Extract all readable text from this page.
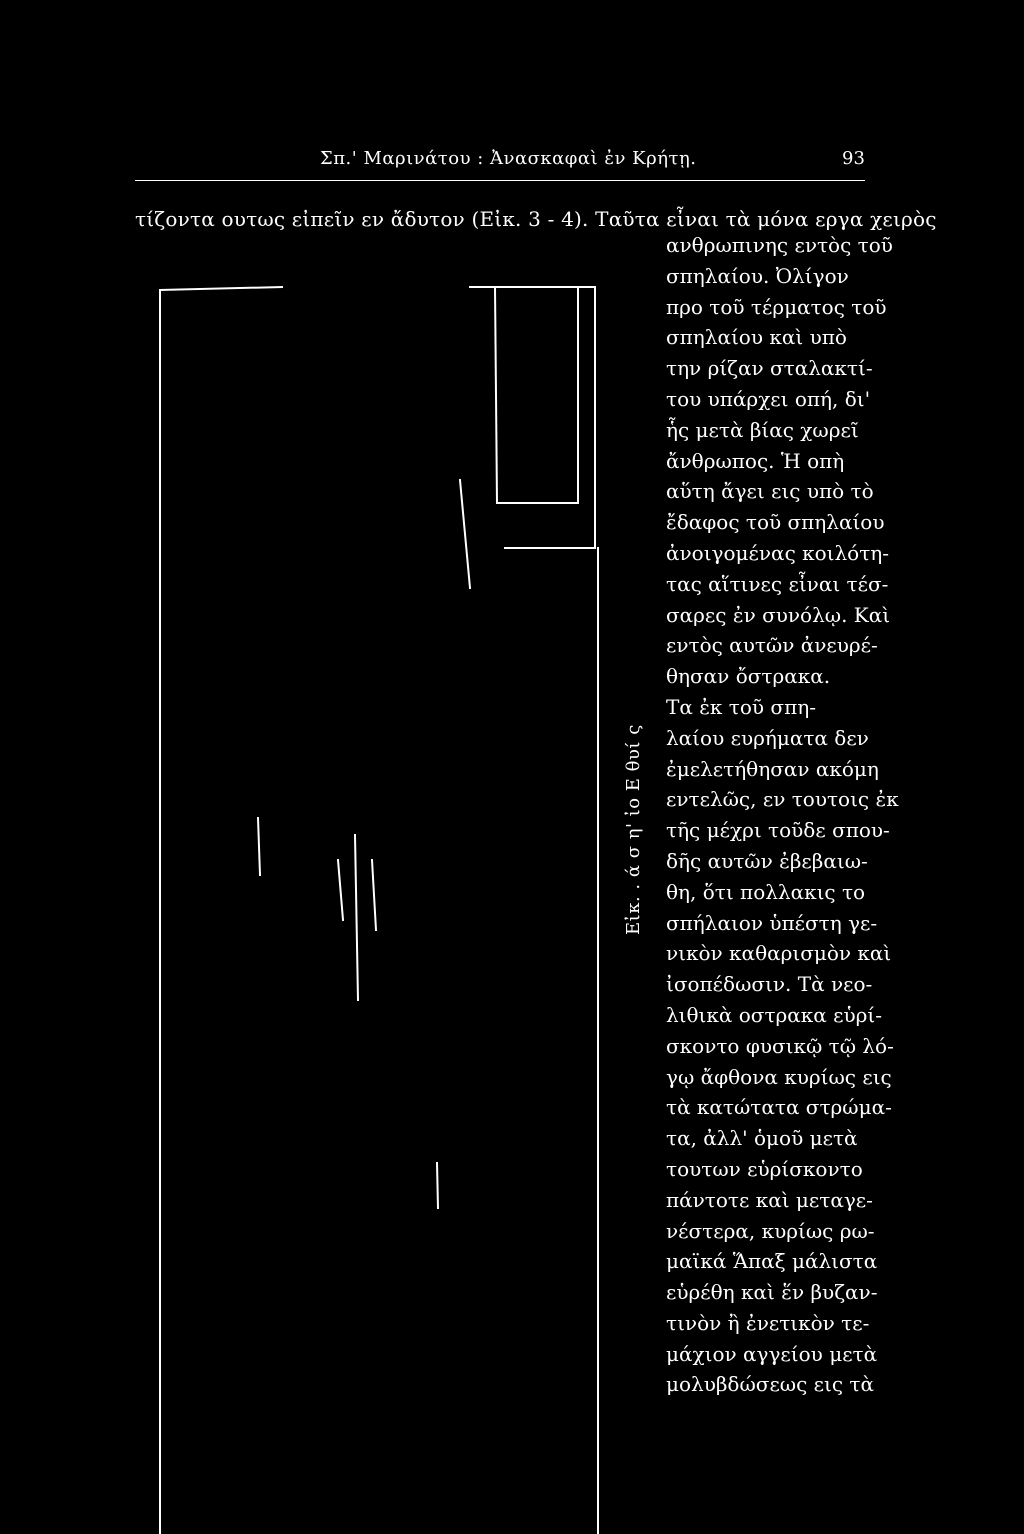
Σπ.' Μαρινάτου : Ἀνασκαφαὶ ἐν Κρήτῃ.	93
τίζοντα ουτως εἰπεῖν εν ἄδυτον (Εἰκ. 3 - 4). Ταῦτα εἶναι τὰ μόνα εργα χειρὸς
ανθρωπινης εντὸς τοῦ
σπηλαίου. Ὀλίγον
προ τοῦ τέρματος τοῦ
σπηλαίου καὶ υπὸ
την ρίζαν σταλακτί-
του υπάρχει οπή, δι'
ἧς μετὰ βίας χωρεῖ
ἄνθρωπος. Ἡ οπὴ
αὕτη ἄγει εις υπὸ τὸ
ἔδαφος τοῦ σπηλαίου
ἀνοιγομένας κοιλότη-
τας αἵτινες εἶναι τέσ-
σαρες ἐν συνόλῳ. Καὶ
εντὸς αυτῶν ἀνευρέ-
θησαν ὄστρακα.
Τα ἐκ τοῦ σπη-
λαίου ευρήματα δεν
ἐμελετήθησαν ακόμη
εντελῶς, εν τουτοις ἐκ
τῆς μέχρι τοῦδε σπου-
δῆς αυτῶν ἐβεβαιω-
θη, ὅτι πολλακις το
σπήλαιον ὑπέστη γε-
νικὸν καθαρισμὸν καὶ
ἰσοπέδωσιν. Τὰ νεο-
λιθικὰ οστρακα εὑρί-
σκοντο φυσικῷ τῷ λό-
γῳ ἄφθονα κυρίως εις
τὰ κατώτατα στρώμα-
τα, ἀλλ' ὁμοῦ μετὰ
τουτων εὑρίσκοντο
πάντοτε καὶ μεταγε-
νέστερα, κυρίως ρω-
μαϊκά Ἅπαξ μάλιστα
εὑρέθη καὶ ἕν βυζαν-
τινὸν ἢ ἐνετικὸν τε-
μάχιον αγγείου μετὰ
μολυβδώσεως εις τὰ
Εἰκ. . ά σ η' ἰο Ε θυί ς
